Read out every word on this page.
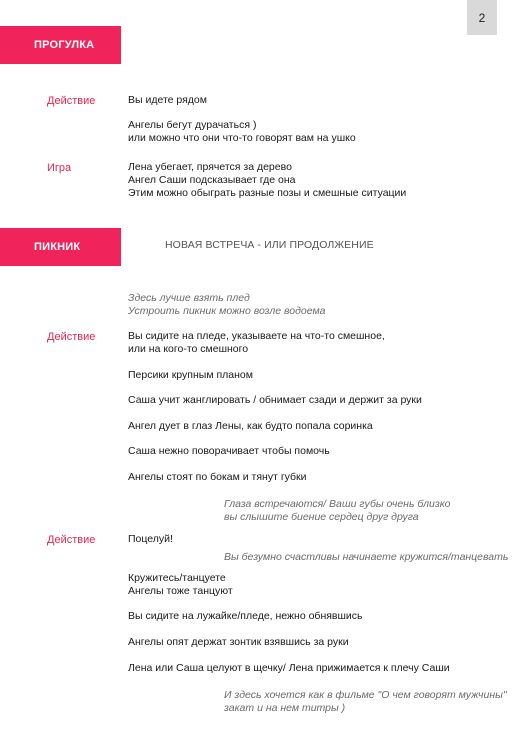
2
ПРОГУЛКА
Действие	Вы идете рядом
Ангелы бегут дурачаться )
или можно что они что-то говорят вам на ушко
Игра	Лена убегает, прячется за дерево
Ангел Саши подсказывает где она
Этим можно обыграть разные позы и смешные ситуации
ПИКНИК	НОВАЯ ВСТРЕЧА - ИЛИ ПРОДОЛЖЕНИЕ
Здесь лучше взять плед
Устроить пикник можно возле водоема
Действие	Вы сидите на пледе, указываете на что-то смешное,
или на кого-то смешного
Персики крупным планом
Саша учит жанглировать / обнимает сзади и держит за руки
Ангел дует в глаз Лены, как будто попала соринка
Саша нежно поворачивает чтобы помочь
Ангелы стоят по бокам и тянут губки
Глаза встречаются/ Ваши губы очень близко
вы слышите биение сердец друг друга
Действие	Поцелуй!
Вы безумно счастливы начинаете кружится/танцевать
Кружитесь/танцуете
Ангелы тоже танцуют
Вы сидите на лужайке/пледе, нежно обнявшись
Ангелы опят держат зонтик взявшись за руки
Лена или Саша целуют в щечку/ Лена прижимается к плечу Саши
И здесь хочется как в фильме "О чем говорят мужчины"
закат и на нем титры )
